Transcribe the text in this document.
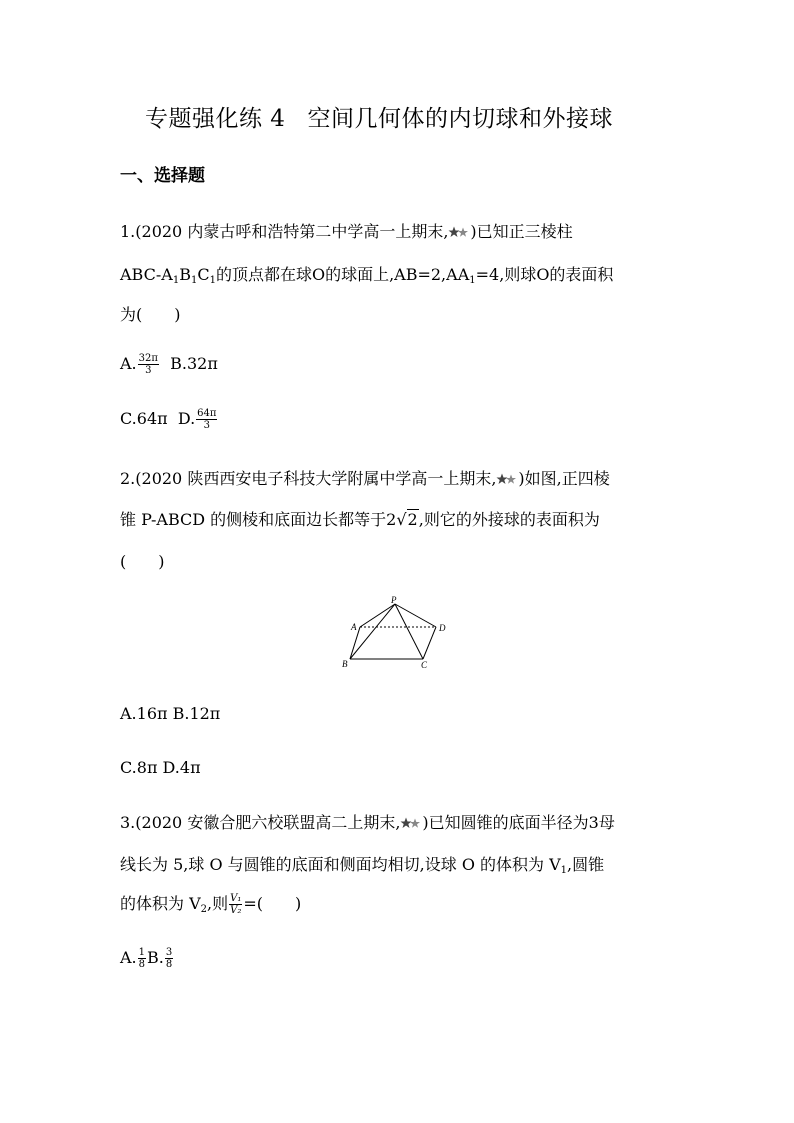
专题强化练 4 空间几何体的内切球和外接球
一、选择题
1.(2020 内蒙古呼和浩特第二中学高一上期末, )已知正三棱柱
ABC-$A_1B_1C_1$的顶点都在球O的球面上$,AB=2,AA_1=4$,则球O的表面积
为(　　)
A. $\frac{32\pi}{3} B.32\pi$
C.64π D. $\frac{64\pi}{3}$
2.(2020 陕西西安电子科技大学附属中学高一上期末, )如图,正四棱
锥 P-ABCD 的侧棱和底面边长都等于2√2,则它的外接球的表面积为
(　　)
P
A
B	C
D
A.16π B.12π
C.8π D.4π
3.(2020 安徽合肥六校联盟高二上期末, )已知圆锥的底面半径为3母
线长为 5,球 O 与圆锥的底面和侧面均相切,设球 O 的体积为 $V_1$,圆锥
的体积为 $V_2$,则 $\frac{\text{V₁}}{\text{V₂}}$ =(　　)
A. $\frac{1}{8} B$. $\frac{3}{8}$
